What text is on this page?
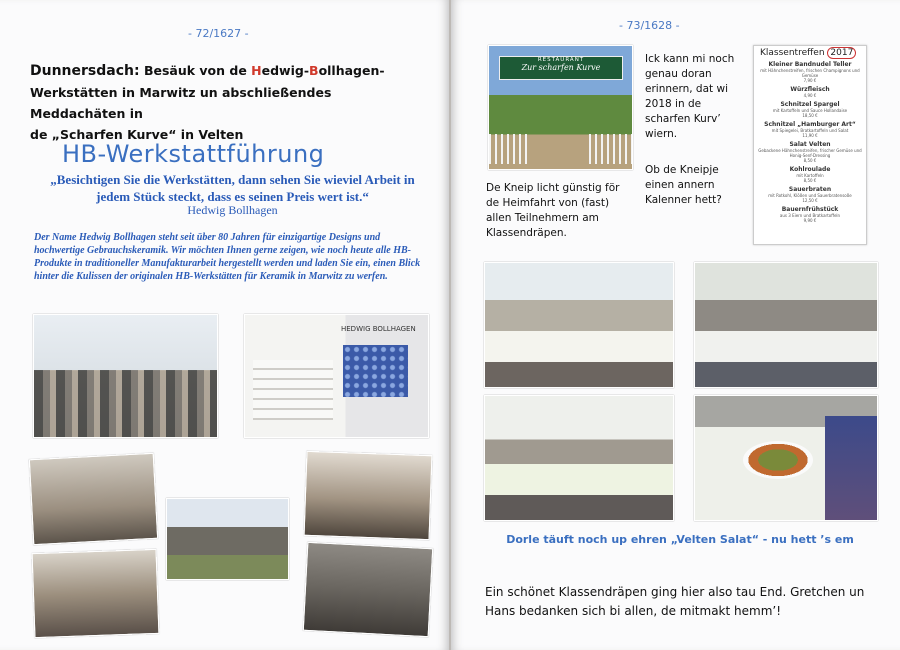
- 72/1627 -
Dunnersdach: Besäuk von de Hedwig-Bollhagen-
Werkstätten in Marwitz un abschließendes Meddachäten in
de „Scharfen Kurve“ in Velten
HB-Werkstattführung
„Besichtigen Sie die Werkstätten, dann sehen Sie wieviel Arbeit in
jedem Stück steckt, dass es seinen Preis wert ist.“
Hedwig Bollhagen
Der Name Hedwig Bollhagen steht seit über 80 Jahren für einzigartige Designs und hochwertige Gebrauchskeramik. Wir möchten Ihnen gerne zeigen, wie noch heute alle HB-Produkte in traditioneller Manufakturarbeit hergestellt werden und laden Sie ein, einen Blick hinter die Kulissen der originalen HB-Werkstätten für Keramik in Marwitz zu werfen.
HEDWIG BOLLHAGEN
- 73/1628 -
RESTAURANT
Zur scharfen Kurve
Ick kann mi noch genau doran erinnern, dat wi 2018 in de scharfen Kurv’ wiern.
Ob de Kneipje einen annern Kalenner hett?
De Kneip licht günstig för de Heimfahrt von (fast) allen Teilnehmern am Klassendräpen.
Klassentreffen 2017
Kleiner Bandnudel Teller
mit Hähnchenstreifen, frischen Champignons und Gemüse
7,90 €
Würzfleisch
4,90 €
Schnitzel Spargel
mit Kartoffeln und Sauce Hollandaise
18,50 €
Schnitzel „Hamburger Art“
mit Spiegelei, Bratkartoffeln und Salat
11,90 €
Salat Velten
Gebackene Hähnchenstreifen, frischer Gemüse und Honig-Senf-Dressing
8,50 €
Kohlroulade
mit Kartoffeln
8,50 €
Sauerbraten
mit Rotkohl, Klößen und Sauerbratensoße
12,50 €
Bauernfrühstück
aus 3 Eiern und Bratkartoffeln
9,90 €
Dorle täuft noch up ehren „Velten Salat“ - nu hett ’s em
Ein schönet Klassendräpen ging hier also tau End. Gretchen un Hans bedanken sich bi allen, de mitmakt hemm’!
